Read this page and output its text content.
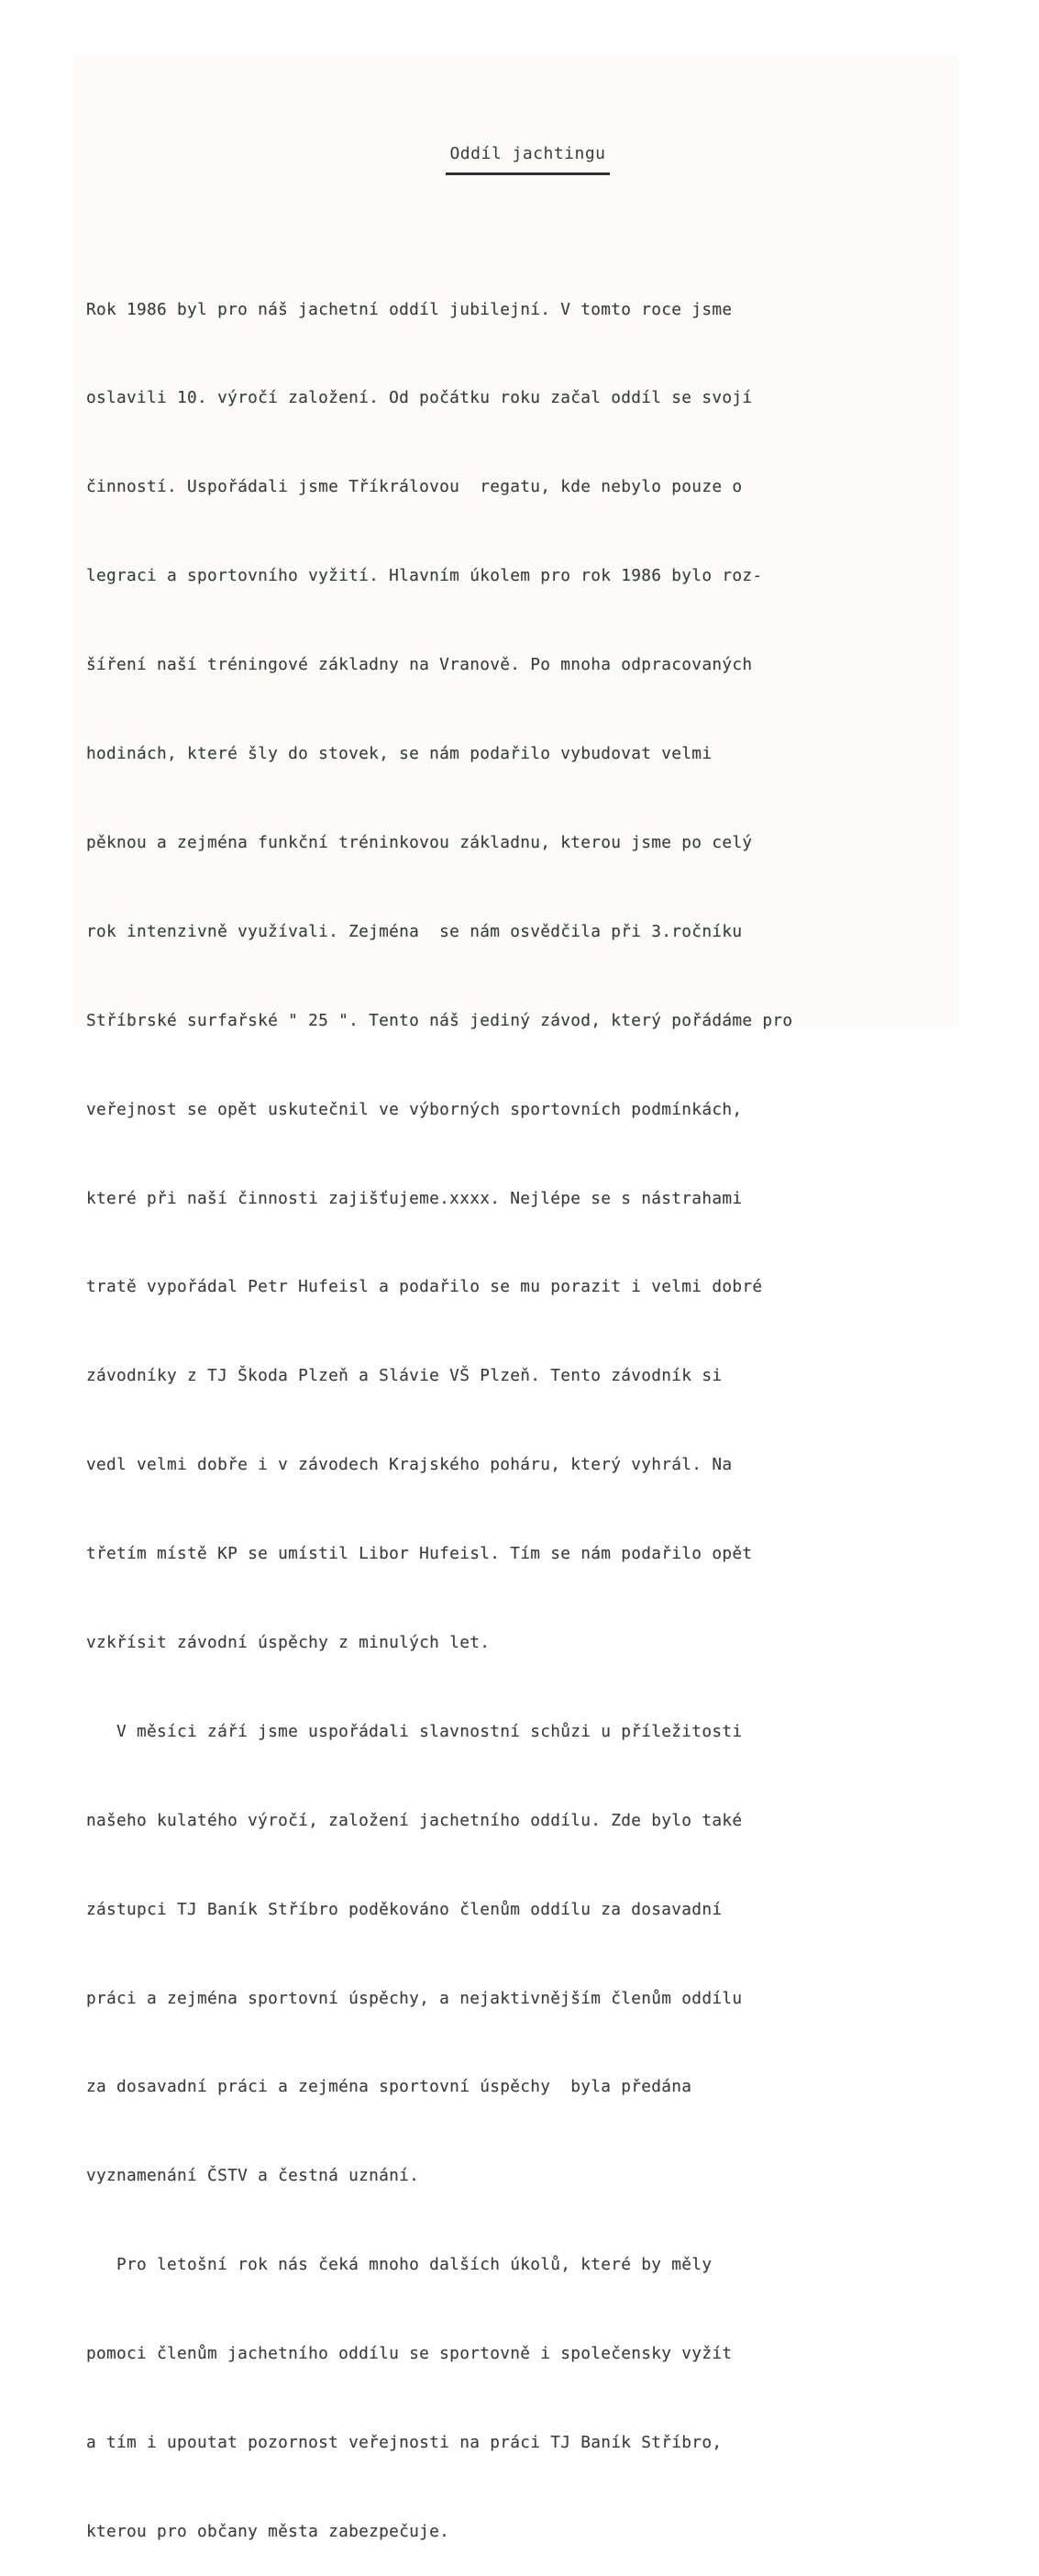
Oddíl jachtingu

Rok 1986 byl pro náš jachetní oddíl jubilejní. V tomto roce jsme

oslavili 10. výročí založení. Od počátku roku začal oddíl se svojí

činností. Uspořádali jsme Tříkrálovou  regatu, kde nebylo pouze o

legraci a sportovního vyžití. Hlavním úkolem pro rok 1986 bylo roz-

šíření naší tréningové základny na Vranově. Po mnoha odpracovaných

hodinách, které šly do stovek, se nám podařilo vybudovat velmi

pěknou a zejména funkční tréninkovou základnu, kterou jsme po celý

rok intenzivně využívali. Zejména  se nám osvědčila při 3.ročníku

Stříbrské surfařské " 25 ". Tento náš jediný závod, který pořádáme pro

veřejnost se opět uskutečnil ve výborných sportovních podmínkách,

které při naší činnosti zajišťujeme.xxxx. Nejlépe se s nástrahami

tratě vypořádal Petr Hufeisl a podařilo se mu porazit i velmi dobré

závodníky z TJ Škoda Plzeň a Slávie VŠ Plzeň. Tento závodník si

vedl velmi dobře i v závodech Krajského poháru, který vyhrál. Na

třetím místě KP se umístil Libor Hufeisl. Tím se nám podařilo opět

vzkřísit závodní úspěchy z minulých let.

V měsíci září jsme uspořádali slavnostní schůzi u příležitosti

našeho kulatého výročí, založení jachetního oddílu. Zde bylo také

zástupci TJ Baník Stříbro poděkováno členům oddílu za dosavadní

práci a zejména sportovní úspěchy, a nejaktivnějším členům oddílu

za dosavadní práci a zejména sportovní úspěchy  byla předána

vyznamenání ČSTV a čestná uznání.

Pro letošní rok nás čeká mnoho dalších úkolů, které by měly

pomoci členům jachetního oddílu se sportovně i společensky vyžít

a tím i upoutat pozornost veřejnosti na práci TJ Baník Stříbro,

kterou pro občany města zabezpečuje.
